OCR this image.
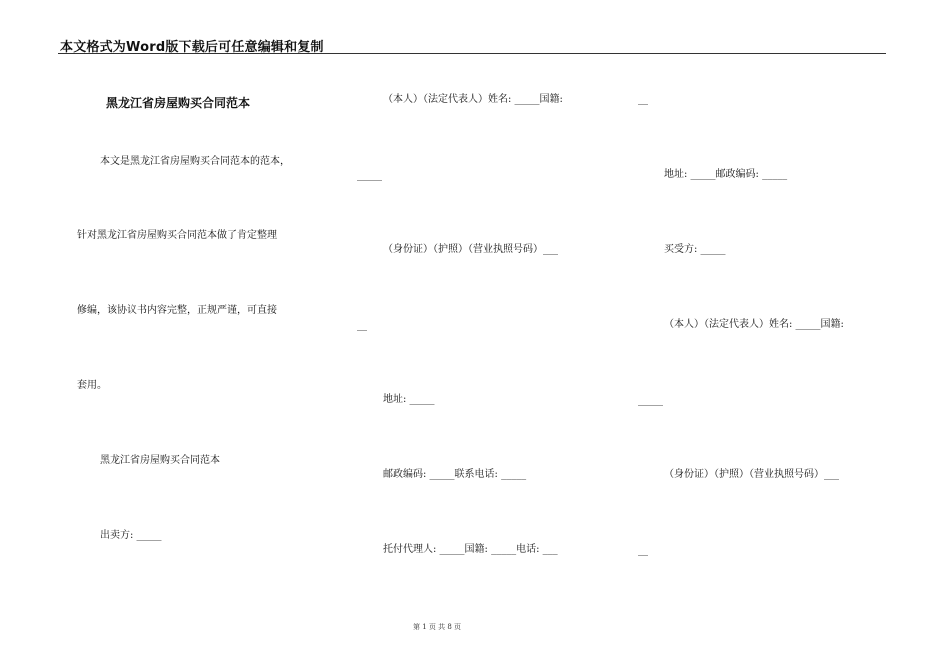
本文格式为Word版下载后可任意编辑和复制
黑龙江省房屋购买合同范本
本文是黑龙江省房屋购买合同范本的范本，
针对黑龙江省房屋购买合同范本做了肯定整理
修编，该协议书内容完整，正规严谨，可直接
套用。
黑龙江省房屋购买合同范本
出卖方: _____
（本人）（法定代表人）姓名: _____国籍:
_____
（身份证）（护照）（营业执照号码）___
__
地址: _____
邮政编码: _____联系电话: _____
托付代理人: _____国籍: _____电话: ___
__
地址: _____邮政编码: _____
买受方: _____
（本人）（法定代表人）姓名: _____国籍:
_____
（身份证）（护照）（营业执照号码）___
__
第 1 页 共 8 页
